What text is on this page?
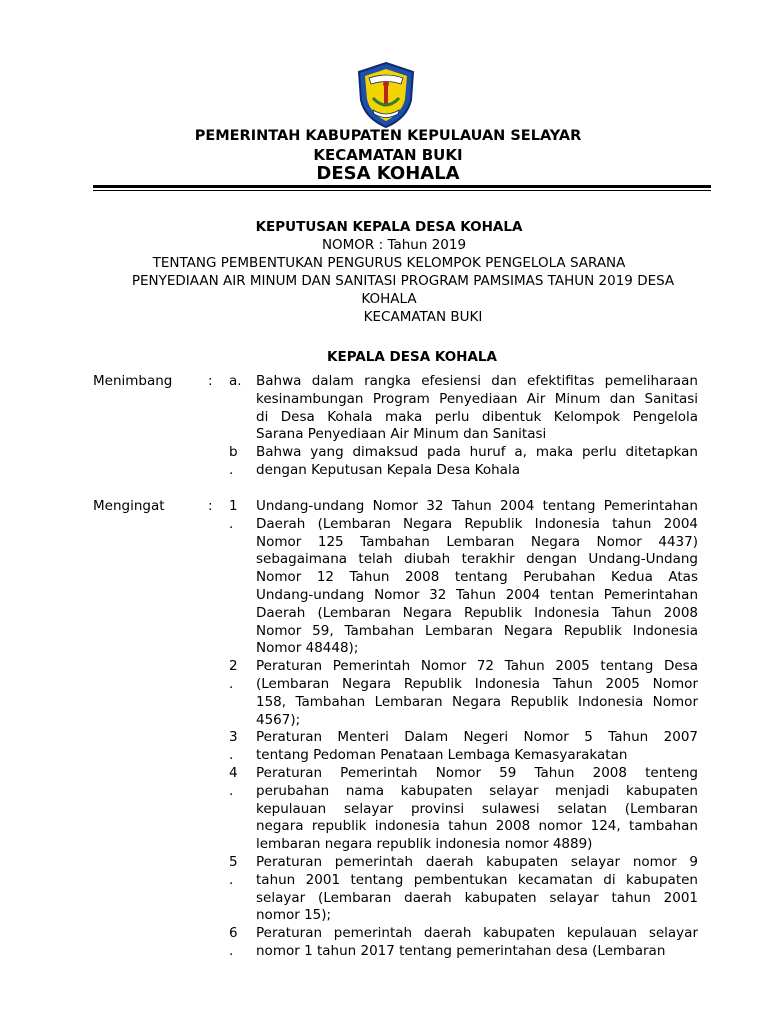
PEMERINTAH KABUPATEN KEPULAUAN SELAYAR
KECAMATAN BUKI
DESA KOHALA
KEPUTUSAN KEPALA DESA KOHALA
NOMOR : Tahun 2019
TENTANG PEMBENTUKAN PENGURUS KELOMPOK PENGELOLA SARANA
PENYEDIAAN AIR MINUM DAN SANITASI PROGRAM PAMSIMAS TAHUN 2019 DESA
KOHALA
KECAMATAN BUKI
KEPALA DESA KOHALA
Menimbang	: a. Bahwa dalam rangka efesiensi dan efektifitas pemeliharaan
kesinambungan Program Penyediaan Air Minum dan Sanitasi
di Desa Kohala maka perlu dibentuk Kelompok Pengelola
Sarana Penyediaan Air Minum dan Sanitasi
b
.
Bahwa yang dimaksud pada huruf a, maka perlu ditetapkan
dengan Keputusan Kepala Desa Kohala
Mengingat	: 1
.
Undang-undang Nomor 32 Tahun 2004 tentang Pemerintahan
Daerah (Lembaran Negara Republik Indonesia tahun 2004
Nomor 125 Tambahan Lembaran Negara Nomor 4437)
sebagaimana telah diubah terakhir dengan Undang-Undang
Nomor 12 Tahun 2008 tentang Perubahan Kedua Atas
Undang-undang Nomor 32 Tahun 2004 tentan Pemerintahan
Daerah (Lembaran Negara Republik Indonesia Tahun 2008
Nomor 59, Tambahan Lembaran Negara Republik Indonesia
Nomor 48448);
2
.
Peraturan Pemerintah Nomor 72 Tahun 2005 tentang Desa
(Lembaran Negara Republik Indonesia Tahun 2005 Nomor
158, Tambahan Lembaran Negara Republik Indonesia Nomor
4567);
3
.
Peraturan Menteri Dalam Negeri Nomor 5 Tahun 2007
tentang Pedoman Penataan Lembaga Kemasyarakatan
4
.
Peraturan Pemerintah Nomor 59 Tahun 2008 tenteng
perubahan nama kabupaten selayar menjadi kabupaten
kepulauan selayar provinsi sulawesi selatan (Lembaran
negara republik indonesia tahun 2008 nomor 124, tambahan
lembaran negara republik indonesia nomor 4889)
5
.
Peraturan pemerintah daerah kabupaten selayar nomor 9
tahun 2001 tentang pembentukan kecamatan di kabupaten
selayar (Lembaran daerah kabupaten selayar tahun 2001
nomor 15);
6
.
Peraturan pemerintah daerah kabupaten kepulauan selayar
nomor 1 tahun 2017 tentang pemerintahan desa (Lembaran
